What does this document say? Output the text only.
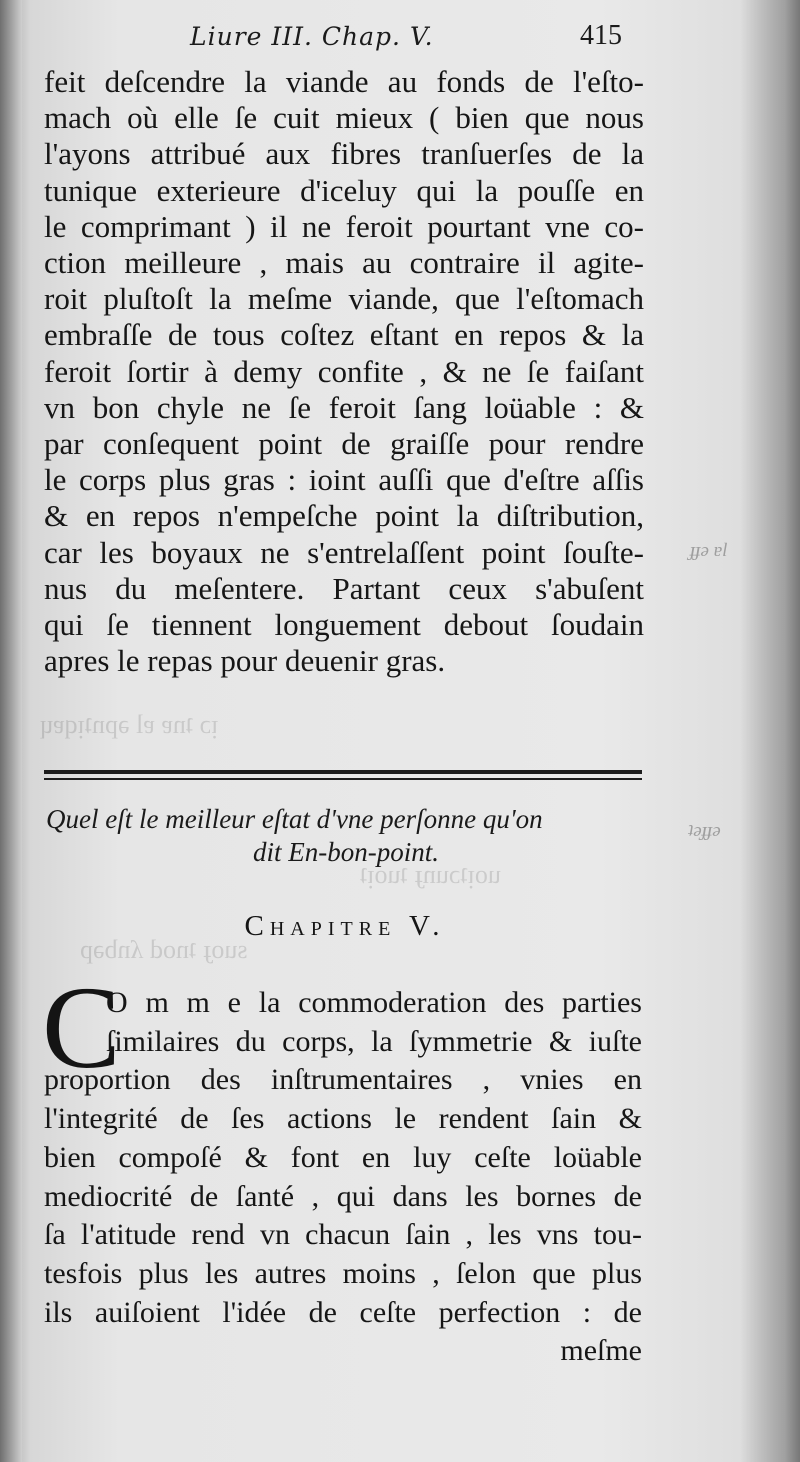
ᴉɔ ʇnɐ ɐl ǝpnʇᴉqɐɥ
uoᴉʇɔunɟ ʇuoᴉʇ
suoɟ ʇnod ʎnbǝp
ɟɟǝ ɐl
ʇǝɟɟǝ
Liure III. Chap. V.	415
feit deſcendre la viande au fonds de l'eſto-
mach où elle ſe cuit mieux ( bien que nous
l'ayons attribué aux fibres tranſuerſes de la
tunique exterieure d'iceluy qui la pouſſe en
le comprimant ) il ne feroit pourtant vne co-
ction meilleure , mais au contraire il agite-
roit pluſtoſt la meſme viande, que l'eſtomach
embraſſe de tous coſtez eſtant en repos & la
feroit ſortir à demy confite , & ne ſe faiſant
vn bon chyle ne ſe feroit ſang loüable : &
par conſequent point de graiſſe pour rendre
le corps plus gras : ioint auſſi que d'eſtre aſſis
& en repos n'empeſche point la diſtribution,
car les boyaux ne s'entrelaſſent point ſouſte-
nus du meſentere. Partant ceux s'abuſent
qui ſe tiennent longuement debout ſoudain
apres le repas pour deuenir gras.
Quel eſt le meilleur eſtat d'vne perſonne qu'on
dit En-bon-point.
Chapitre V.
C
O m m e la commoderation des parties
ſimilaires du corps, la ſymmetrie & iuſte
proportion des inſtrumentaires , vnies en
l'integrité de ſes actions le rendent ſain &
bien compoſé & font en luy ceſte loüable
mediocrité de ſanté , qui dans les bornes de
ſa l'atitude rend vn chacun ſain , les vns tou-
tesfois plus les autres moins , ſelon que plus
ils auiſoient l'idée de ceſte perfection : de
meſme
